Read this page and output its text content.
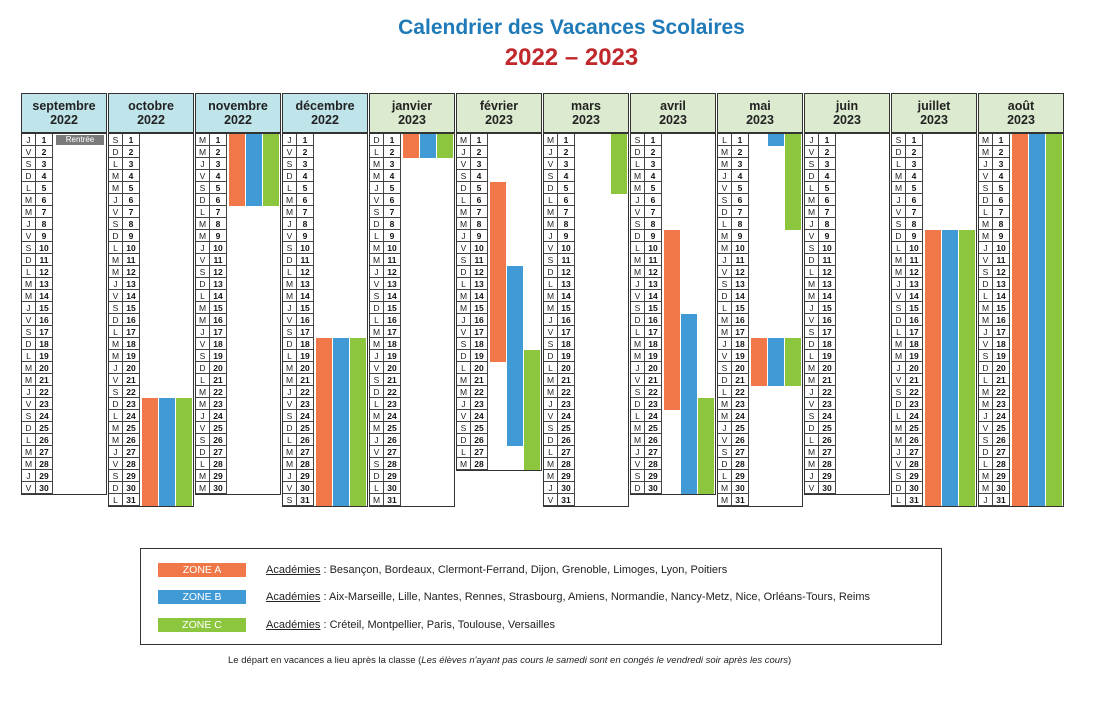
Calendrier des Vacances Scolaires
2022 – 2023
septembre
2022
J	1	Rentrée
V	2
S	3
D	4
L	5
M	6
M	7
J	8
V	9
S 10
D 11
L 12
M 13
M 14
J	15
V 16
S 17
D 18
L 19
M 20
M 21
J	22
V 23
S 24
D 25
L 26
M 27
M 28
J	29
V 30
octobre
2022
S	1
D	2
L	3
M	4
M	5
J	6
V	7
S	8
D	9
L 10
M 11
M 12
J	13
V 14
S 15
D 16
L 17
M 18
M 19
J	20
V 21
S 22
D 23
L 24
M 25
M 26
J	27
V 28
S 29
D 30
L 31
novembre
2022
M	1
M	2
J	3
V	4
S	5
D	6
L	7
M	8
M	9
J	10
V 11
S 12
D 13
L 14
M 15
M 16
J	17
V 18
S 19
D 20
L 21
M 22
M 23
J	24
V 25
S 26
D 27
L 28
M 29
M 30
décembre
2022
J	1
V	2
S	3
D	4
L	5
M	6
M	7
J	8
V	9
S 10
D 11
L 12
M 13
M 14
J	15
V 16
S 17
D 18
L 19
M 20
M 21
J	22
V 23
S 24
D 25
L 26
M 27
M 28
J	29
V 30
S 31
janvier
2023
D	1
L	2
M	3
M	4
J	5
V	6
S	7
D	8
L	9
M 10
M 11
J	12
V 13
S 14
D 15
L 16
M 17
M 18
J	19
V 20
S 21
D 22
L 23
M 24
M 25
J	26
V 27
S 28
D 29
L 30
M 31
février
2023
M	1
J	2
V	3
S	4
D	5
L	6
M	7
M	8
J	9
V 10
S 11
D 12
L 13
M 14
M 15
J	16
V 17
S 18
D 19
L 20
M 21
M 22
J	23
V 24
S 25
D 26
L 27
M 28
mars
2023
M	1
J	2
V	3
S	4
D	5
L	6
M	7
M	8
J	9
V 10
S 11
D 12
L 13
M 14
M 15
J	16
V 17
S 18
D 19
L 20
M 21
M 22
J	23
V 24
S 25
D 26
L 27
M 28
M 29
J	30
V 31
avril
2023
S	1
D	2
L	3
M	4
M	5
J	6
V	7
S	8
D	9
L 10
M 11
M 12
J	13
V 14
S 15
D 16
L 17
M 18
M 19
J	20
V 21
S 22
D 23
L 24
M 25
M 26
J	27
V 28
S 29
D 30
mai
2023
L	1
M	2
M	3
J	4
V	5
S	6
D	7
L	8
M	9
M 10
J	11
V 12
S 13
D 14
L 15
M 16
M 17
J	18
V 19
S 20
D 21
L 22
M 23
M 24
J	25
V 26
S 27
D 28
L 29
M 30
M 31
juin
2023
J	1
V	2
S	3
D	4
L	5
M	6
M	7
J	8
V	9
S 10
D 11
L 12
M 13
M 14
J	15
V 16
S 17
D 18
L 19
M 20
M 21
J	22
V 23
S 24
D 25
L 26
M 27
M 28
J	29
V 30
juillet
2023
S	1
D	2
L	3
M	4
M	5
J	6
V	7
S	8
D	9
L 10
M 11
M 12
J	13
V 14
S 15
D 16
L 17
M 18
M 19
J	20
V 21
S 22
D 23
L 24
M 25
M 26
J	27
V 28
S 29
D 30
L 31
août
2023
M	1
M	2
J	3
V	4
S	5
D	6
L	7
M	8
M	9
J	10
V 11
S 12
D 13
L 14
M 15
M 16
J	17
V 18
S 19
D 20
L 21
M 22
M 23
J	24
V 25
S 26
D 27
L 28
M 29
M 30
J	31
ZONE A	Académies : Besançon, Bordeaux, Clermont-Ferrand, Dijon, Grenoble, Limoges, Lyon, Poitiers
ZONE B	Académies : Aix-Marseille, Lille, Nantes, Rennes, Strasbourg, Amiens, Normandie, Nancy-Metz, Nice, Orléans-Tours, Reims
ZONE C	Académies : Créteil, Montpellier, Paris, Toulouse, Versailles
Le départ en vacances a lieu après la classe (Les élèves n'ayant pas cours le samedi sont en congés le vendredi soir après les cours)
